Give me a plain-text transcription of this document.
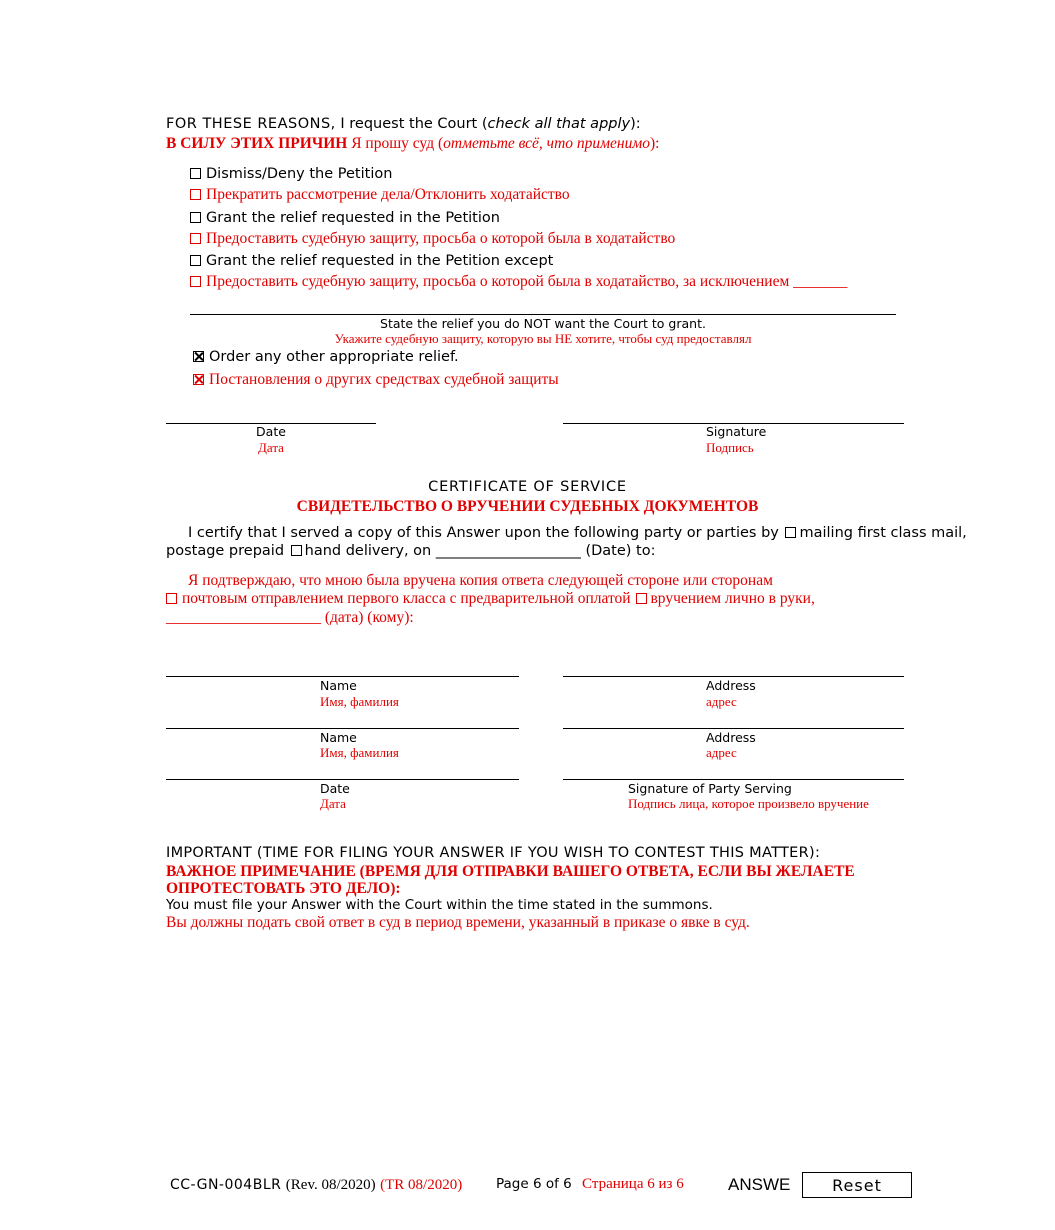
FOR THESE REASONS, I request the Court (check all that apply):
В СИЛУ ЭТИХ ПРИЧИН Я прошу суд (отметьте всё, что применимо):
Dismiss/Deny the Petition
Прекратить рассмотрение дела/Отклонить ходатайство
Grant the relief requested in the Petition
Предоставить судебную защиту, просьба о которой была в ходатайство
Grant the relief requested in the Petition except
Предоставить судебную защиту, просьба о которой была в ходатайство, за исключением _______
State the relief you do NOT want the Court to grant.
Укажите судебную защиту, которую вы НЕ хотите, чтобы суд предоставлял
Order any other appropriate relief.
Постановления о других средствах судебной защиты
Date
Дата
Signature
Подпись
CERTIFICATE OF SERVICE
СВИДЕТЕЛЬСТВО О ВРУЧЕНИИ СУДЕБНЫХ ДОКУМЕНТОВ
I certify that I served a copy of this Answer upon the following party or parties by mailing first class mail,
postage prepaid hand delivery, on ____________________ (Date) to:
Я подтверждаю, что мною была вручена копия ответа следующей стороне или сторонам
почтовым отправлением первого класса с предварительной оплатой вручением лично в руки,
____________________ (дата) (кому):
Name
Имя, фамилия
Address
адрес
Name
Имя, фамилия
Address
адрес
Date
Дата
Signature of Party Serving
Подпись лица, которое произвело вручение
IMPORTANT (TIME FOR FILING YOUR ANSWER IF YOU WISH TO CONTEST THIS MATTER):
ВАЖНОЕ ПРИМЕЧАНИЕ (ВРЕМЯ ДЛЯ ОТПРАВКИ ВАШЕГО ОТВЕТА, ЕСЛИ ВЫ ЖЕЛАЕТЕ
ОПРОТЕСТОВАТЬ ЭТО ДЕЛО):
You must file your Answer with the Court within the time stated in the summons.
Вы должны подать свой ответ в суд в период времени, указанный в приказе о явке в суд.
CC-GN-004BLR (Rev. 08/2020) (TR 08/2020)	Page 6 of 6 Страница 6 из 6	ANSWE	Reset
